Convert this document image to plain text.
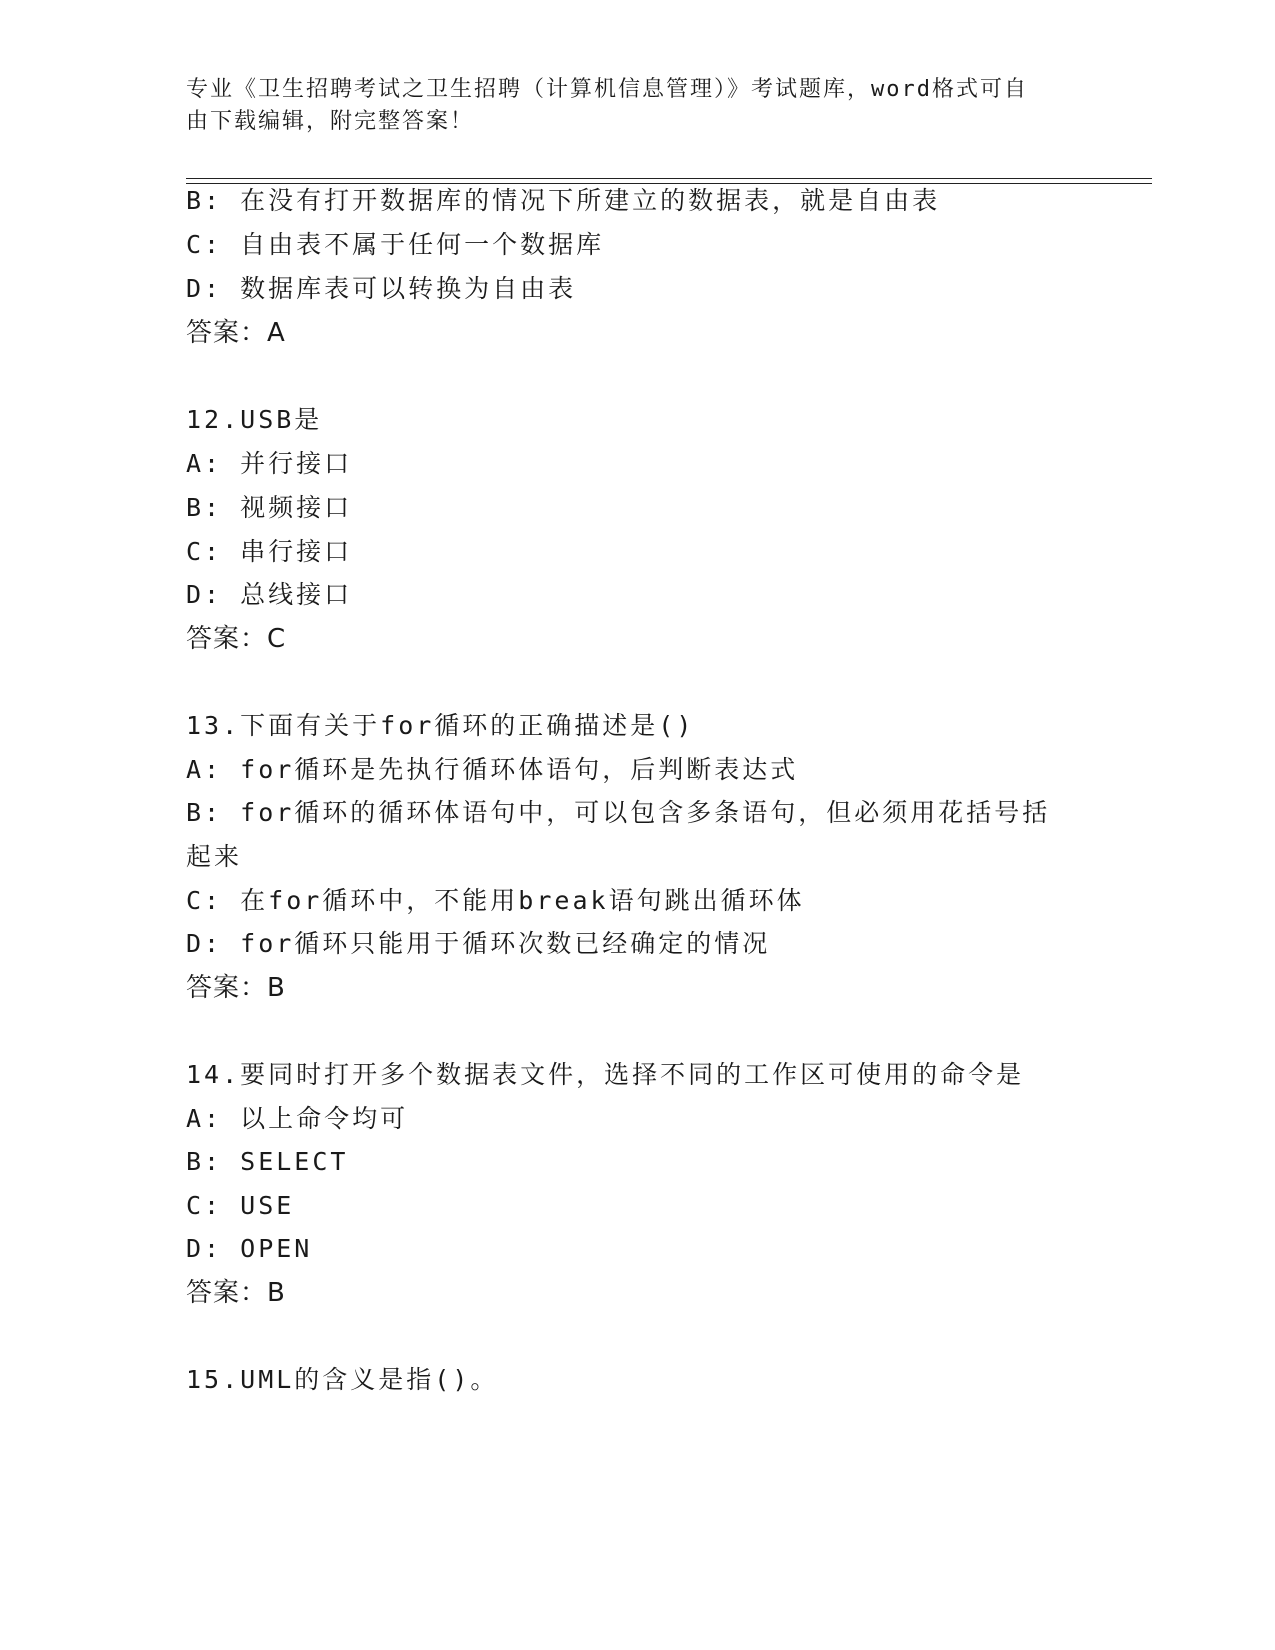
专业《卫生招聘考试之卫生招聘（计算机信息管理）》考试题库，word格式可自
由下载编辑，附完整答案！
B: 在没有打开数据库的情况下所建立的数据表，就是自由表
C: 自由表不属于任何一个数据库
D: 数据库表可以转换为自由表
答案：A
12.USB是
A: 并行接口
B: 视频接口
C: 串行接口
D: 总线接口
答案：C
13.下面有关于for循环的正确描述是()
A: for循环是先执行循环体语句，后判断表达式
B: for循环的循环体语句中，可以包含多条语句，但必须用花括号括
起来
C: 在for循环中，不能用break语句跳出循环体
D: for循环只能用于循环次数已经确定的情况
答案：B
14.要同时打开多个数据表文件，选择不同的工作区可使用的命令是
A: 以上命令均可
B: SELECT
C: USE
D: OPEN
答案：B
15.UML的含义是指()。
